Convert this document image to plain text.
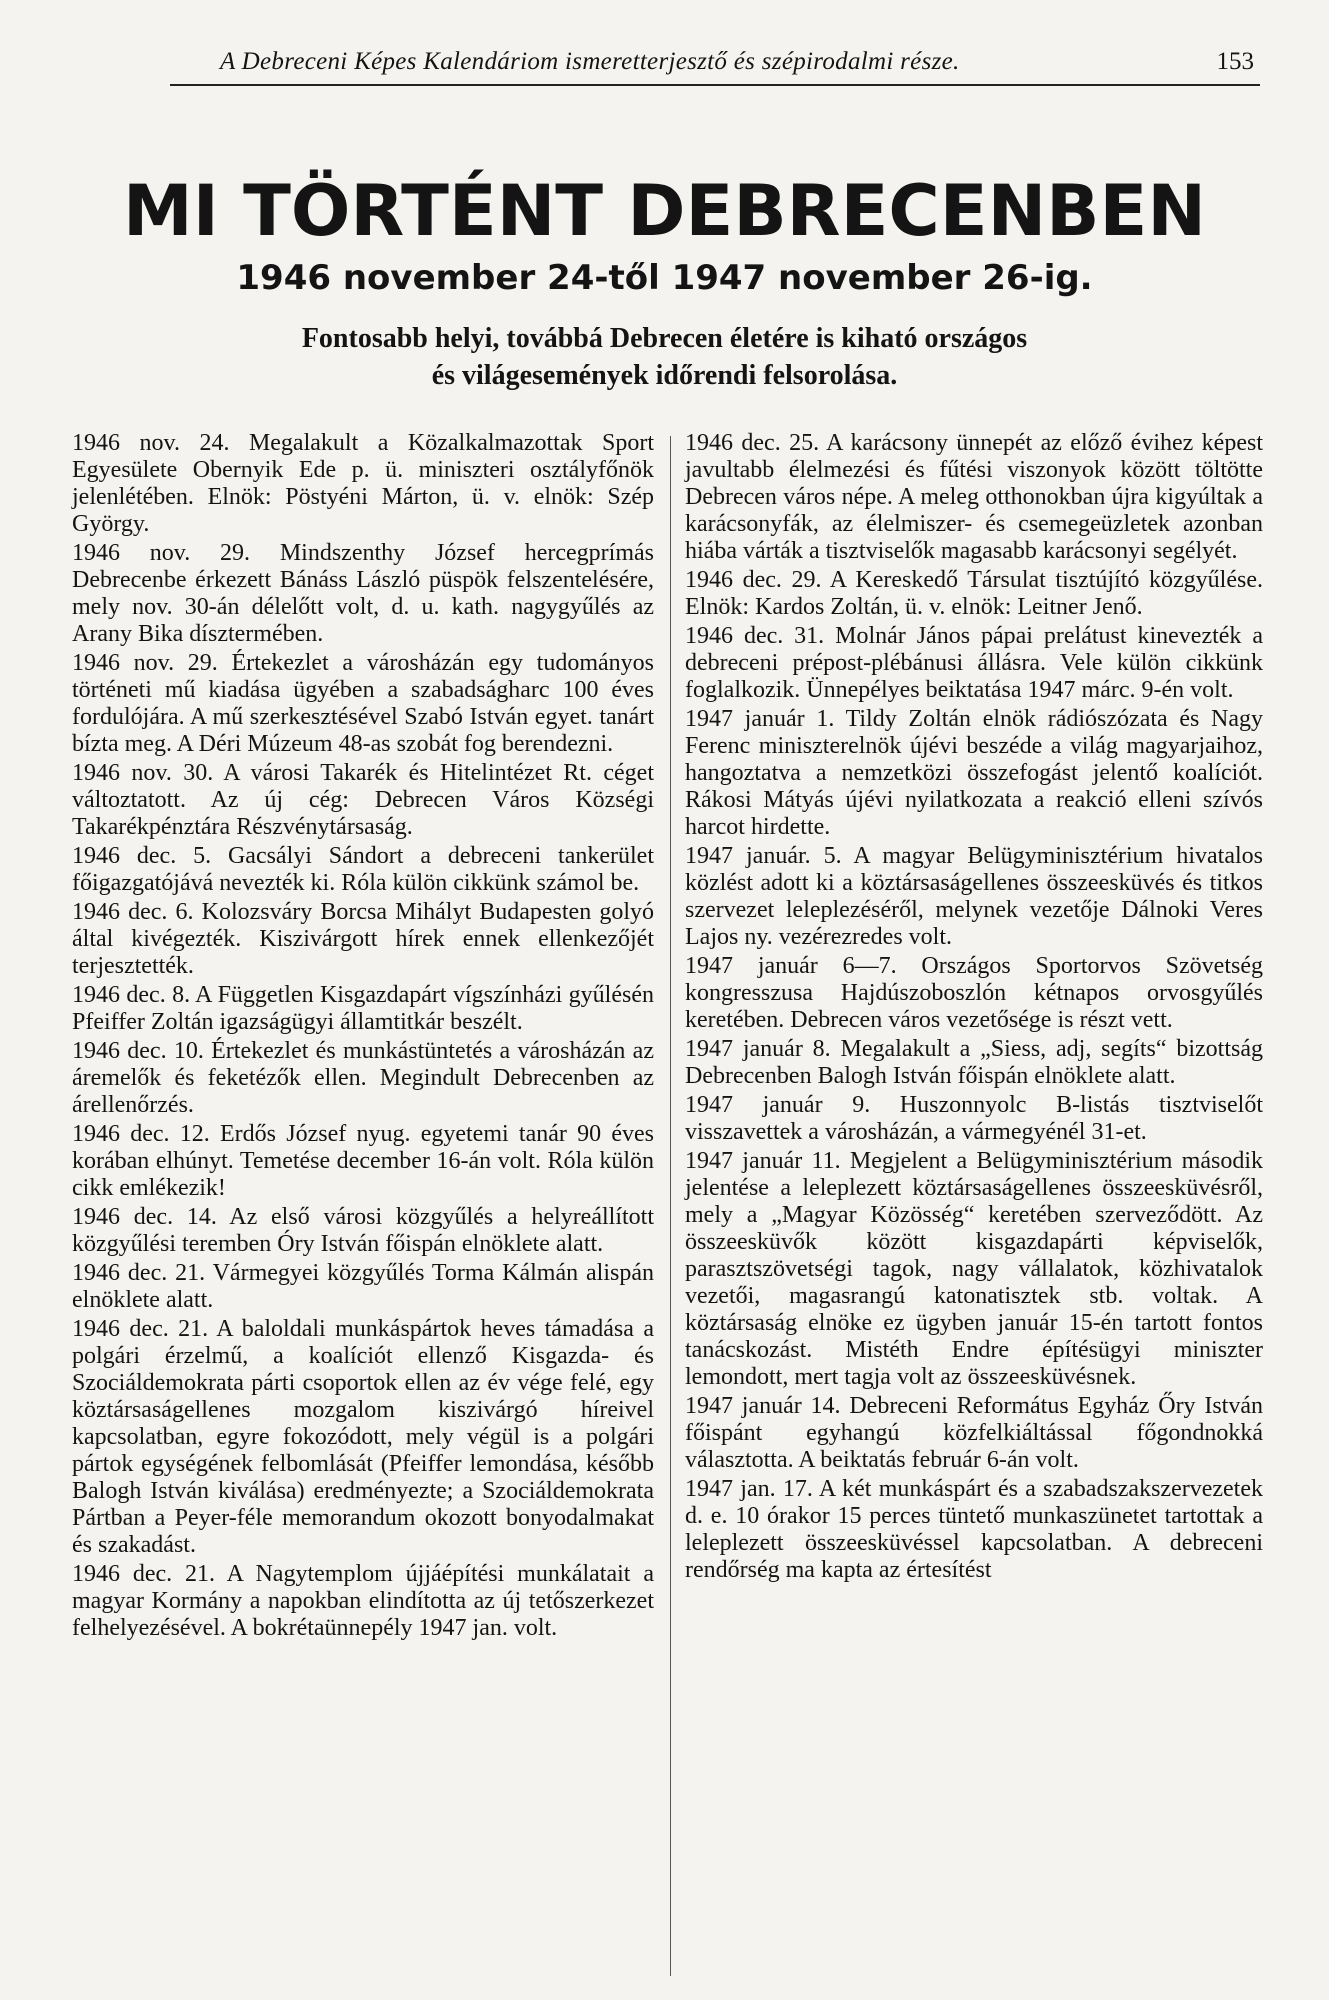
A Debreceni Képes Kalendáriom ismeretterjesztő és szépirodalmi része.	153
MI TÖRTÉNT DEBRECENBEN
1946 november 24-től 1947 november 26-ig.
Fontosabb helyi, továbbá Debrecen életére is kiható országos
és világesemények időrendi felsorolása.

1946 nov. 24. Megalakult a Közalkalmazottak Sport Egyesülete Obernyik Ede p. ü. miniszteri osztályfőnök jelenlétében. Elnök: Pöstyéni Márton, ü. v. elnök: Szép György.

1946 nov. 29. Mindszenthy József hercegprímás Debrecenbe érkezett Bánáss László püspök felszentelésére, mely nov. 30-án délelőtt volt, d. u. kath. nagygyűlés az Arany Bika dísztermében.

1946 nov. 29. Értekezlet a városházán egy tudományos történeti mű kiadása ügyében a szabadságharc 100 éves fordulójára. A mű szerkesztésével Szabó István egyet. tanárt bízta meg. A Déri Múzeum 48-as szobát fog berendezni.

1946 nov. 30. A városi Takarék és Hitelintézet Rt. céget változtatott. Az új cég: Debrecen Város Községi Takarékpénztára Részvénytársaság.

1946 dec. 5. Gacsályi Sándort a debreceni tankerület főigazgatójává nevezték ki. Róla külön cikkünk számol be.

1946 dec. 6. Kolozsváry Borcsa Mihályt Budapesten golyó által kivégezték. Kiszivárgott hírek ennek ellenkezőjét terjesztették.

1946 dec. 8. A Független Kisgazdapárt vígszínházi gyűlésén Pfeiffer Zoltán igazságügyi államtitkár beszélt.

1946 dec. 10. Értekezlet és munkástüntetés a városházán az áremelők és feketézők ellen. Megindult Debrecenben az árellenőrzés.

1946 dec. 12. Erdős József nyug. egyetemi tanár 90 éves korában elhúnyt. Temetése december 16-án volt. Róla külön cikk emlékezik!

1946 dec. 14. Az első városi közgyűlés a helyreállított közgyűlési teremben Óry István főispán elnöklete alatt.

1946 dec. 21. Vármegyei közgyűlés Torma Kálmán alispán elnöklete alatt.

1946 dec. 21. A baloldali munkáspártok heves támadása a polgári érzelmű, a koalíciót ellenző Kisgazda- és Szociáldemokrata párti csoportok ellen az év vége felé, egy köztársaságellenes mozgalom kiszivárgó híreivel kapcsolatban, egyre fokozódott, mely végül is a polgári pártok egységének felbomlását (Pfeiffer lemondása, később Balogh István kiválása) eredményezte; a Szociáldemokrata Pártban a Peyer-féle memorandum okozott bonyodalmakat és szakadást.

1946 dec. 21. A Nagytemplom újjáépítési munkálatait a magyar Kormány a napokban elindította az új tetőszerkezet felhelyezésével. A bokrétaünnepély 1947 jan. volt.

1946 dec. 25. A karácsony ünnepét az előző évihez képest javultabb élelmezési és fűtési viszonyok között töltötte Debrecen város népe. A meleg otthonokban újra kigyúltak a karácsonyfák, az élelmiszer- és csemegeüzletek azonban hiába várták a tisztviselők magasabb karácsonyi segélyét.

1946 dec. 29. A Kereskedő Társulat tisztújító közgyűlése. Elnök: Kardos Zoltán, ü. v. elnök: Leitner Jenő.

1946 dec. 31. Molnár János pápai prelátust kinevezték a debreceni prépost-plébánusi állásra. Vele külön cikkünk foglalkozik. Ünnepélyes beiktatása 1947 márc. 9-én volt.

1947 január 1. Tildy Zoltán elnök rádiószózata és Nagy Ferenc miniszterelnök újévi beszéde a világ magyarjaihoz, hangoztatva a nemzetközi összefogást jelentő koalíciót. Rákosi Mátyás újévi nyilatkozata a reakció elleni szívós harcot hirdette.

1947 január. 5. A magyar Belügyminisztérium hivatalos közlést adott ki a köztársaságellenes összeesküvés és titkos szervezet leleplezéséről, melynek vezetője Dálnoki Veres Lajos ny. vezérezredes volt.

1947 január 6—7. Országos Sportorvos Szövetség kongresszusa Hajdúszoboszlón kétnapos orvosgyűlés keretében. Debrecen város vezetősége is részt vett.

1947 január 8. Megalakult a „Siess, adj, segíts“ bizottság Debrecenben Balogh István főispán elnöklete alatt.

1947 január 9. Huszonnyolc B-listás tisztviselőt visszavettek a városházán, a vármegyénél 31-et.

1947 január 11. Megjelent a Belügyminisztérium második jelentése a leleplezett köztársaságellenes összeesküvésről, mely a „Magyar Közösség“ keretében szerveződött. Az összeesküvők között kisgazdapárti képviselők, parasztszövetségi tagok, nagy vállalatok, közhivatalok vezetői, magasrangú katonatisztek stb. voltak. A köztársaság elnöke ez ügyben január 15-én tartott fontos tanácskozást. Mistéth Endre építésügyi miniszter lemondott, mert tagja volt az összeesküvésnek.

1947 január 14. Debreceni Református Egyház Őry István főispánt egyhangú közfelkiáltással főgondnokká választotta. A beiktatás február 6-án volt.

1947 jan. 17. A két munkáspárt és a szabadszakszervezetek d. e. 10 órakor 15 perces tüntető munkaszünetet tartottak a leleplezett összeesküvéssel kapcsolatban. A debreceni rendőrség ma kapta az értesítést
